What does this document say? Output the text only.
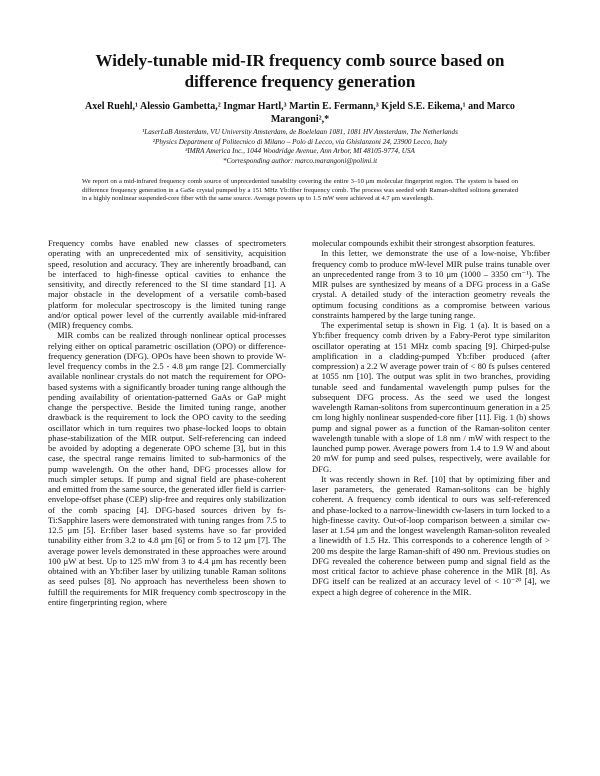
Widely-tunable mid-IR frequency comb source based on difference frequency generation
Axel Ruehl,¹ Alessio Gambetta,² Ingmar Hartl,³ Martin E. Fermann,³ Kjeld S.E. Eikema,¹ and Marco Marangoni²,*
¹LaserLaB Amsterdam, VU University Amsterdam, de Boelelaan 1081, 1081 HV Amsterdam, The Netherlands
²Physics Department of Politecnico di Milano – Polo di Lecco, via Ghislanzoni 24, 23900 Lecco, Italy
³IMRA America Inc., 1044 Woodridge Avenue, Ann Arbor, MI 48105-9774, USA
*Corresponding author: marco.marangoni@polimi.it
We report on a mid-infrared frequency comb source of unprecedented tunability covering the entire 3–10 μm molecular fingerprint region. The system is based on difference frequency generation in a GaSe crystal pumped by a 151 MHz Yb:fiber frequency comb. The process was seeded with Raman-shifted solitons generated in a highly nonlinear suspended-core fiber with the same source. Average powers up to 1.5 mW were achieved at 4.7 μm wavelength.

Frequency combs have enabled new classes of spectrometers operating with an unprecedented mix of sensitivity, acquisition speed, resolution and accuracy. They are inherently broadband, can be interfaced to high-finesse optical cavities to enhance the sensitivity, and directly referenced to the SI time standard [1]. A major obstacle in the development of a versatile comb-based platform for molecular spectroscopy is the limited tuning range and/or optical power level of the currently available mid-infrared (MIR) frequency combs.

MIR combs can be realized through nonlinear optical processes relying either on optical parametric oscillation (OPO) or difference-frequency generation (DFG). OPOs have been shown to provide W-level frequency combs in the 2.5 - 4.8 μm range [2]. Commercially available nonlinear crystals do not match the requirement for OPO-based systems with a significantly broader tuning range although the pending availability of orientation-patterned GaAs or GaP might change the perspective. Beside the limited tuning range, another drawback is the requirement to lock the OPO cavity to the seeding oscillator which in turn requires two phase-locked loops to obtain phase-stabilization of the MIR output. Self-referencing can indeed be avoided by adopting a degenerate OPO scheme [3], but in this case, the spectral range remains limited to sub-harmonics of the pump wavelength. On the other hand, DFG processes allow for much simpler setups. If pump and signal field are phase-coherent and emitted from the same source, the generated idler field is carrier-envelope-offset phase (CEP) slip-free and requires only stabilization of the comb spacing [4]. DFG-based sources driven by fs-Ti:Sapphire lasers were demonstrated with tuning ranges from 7.5 to 12.5 μm [5]. Er:fiber laser based systems have so far provided tunability either from 3.2 to 4.8 μm [6] or from 5 to 12 μm [7]. The average power levels demonstrated in these approaches were around 100 μW at best. Up to 125 mW from 3 to 4.4 μm has recently been obtained with an Yb:fiber laser by utilizing tunable Raman solitons as seed pulses [8]. No approach has nevertheless been shown to fulfill the requirements for MIR frequency comb spectroscopy in the entire fingerprinting region, where

molecular compounds exhibit their strongest absorption features.

In this letter, we demonstrate the use of a low-noise, Yb:fiber frequency comb to produce mW-level MIR pulse trains tunable over an unprecedented range from 3 to 10 μm (1000 – 3350 cm⁻¹). The MIR pulses are synthesized by means of a DFG process in a GaSe crystal. A detailed study of the interaction geometry reveals the optimum focusing conditions as a compromise between various constraints hampered by the large tuning range.

The experimental setup is shown in Fig. 1 (a). It is based on a Yb:fiber frequency comb driven by a Fabry-Perot type similariton oscillator operating at 151 MHz comb spacing [9]. Chirped-pulse amplification in a cladding-pumped Yb:fiber produced (after compression) a 2.2 W average power train of < 80 fs pulses centered at 1055 nm [10]. The output was split in two branches, providing tunable seed and fundamental wavelength pump pulses for the subsequent DFG process. As the seed we used the longest wavelength Raman-solitons from supercontinuum generation in a 25 cm long highly nonlinear suspended-core fiber [11]. Fig. 1 (b) shows pump and signal power as a function of the Raman-soliton center wavelength tunable with a slope of 1.8 nm / mW with respect to the launched pump power. Average powers from 1.4 to 1.9 W and about 20 mW for pump and seed pulses, respectively, were available for DFG.

It was recently shown in Ref. [10] that by optimizing fiber and laser parameters, the generated Raman-solitons can be highly coherent. A frequency comb identical to ours was self-referenced and phase-locked to a narrow-linewidth cw-lasers in turn locked to a high-finesse cavity. Out-of-loop comparison between a similar cw-laser at 1.54 μm and the longest wavelength Raman-soliton revealed a linewidth of 1.5 Hz. This corresponds to a coherence length of > 200 ms despite the large Raman-shift of 490 nm. Previous studies on DFG revealed the coherence between pump and signal field as the most critical factor to achieve phase coherence in the MIR [8]. As DFG itself can be realized at an accuracy level of < 10⁻²⁰ [4], we expect a high degree of coherence in the MIR.
